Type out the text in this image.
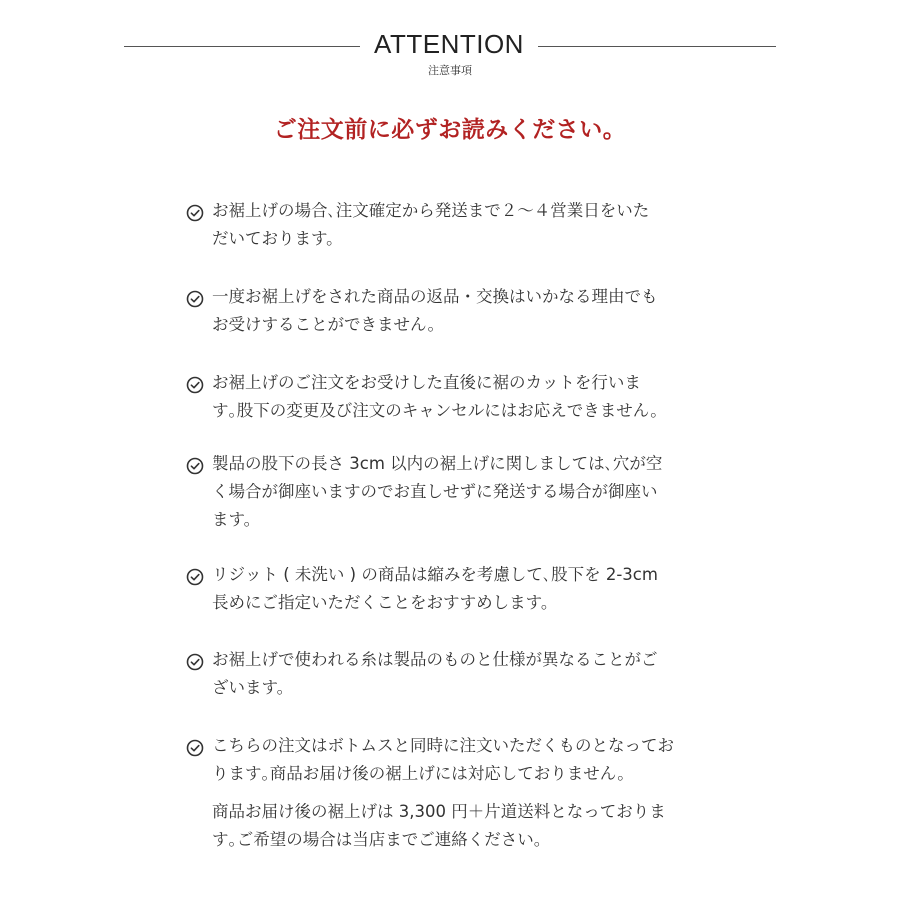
ATTENTION
注意事項
ご注文前に必ずお読みください。
お裾上げの場合､注文確定から発送まで２～４営業日をいた
だいております。
一度お裾上げをされた商品の返品・交換はいかなる理由でも
お受けすることができません。
お裾上げのご注文をお受けした直後に裾のカットを行いま
す｡股下の変更及び注文のキャンセルにはお応えできません。
製品の股下の長さ 3cm 以内の裾上げに関しましては､穴が空
く場合が御座いますのでお直しせずに発送する場合が御座い
ます。
リジット ( 未洗い ) の商品は縮みを考慮して､股下を 2-3cm
長めにご指定いただくことをおすすめします。
お裾上げで使われる糸は製品のものと仕様が異なることがご
ざいます。
こちらの注文はボトムスと同時に注文いただくものとなってお
ります｡商品お届け後の裾上げには対応しておりません。
商品お届け後の裾上げは 3,300 円＋片道送料となっておりま
す｡ご希望の場合は当店までご連絡ください。
